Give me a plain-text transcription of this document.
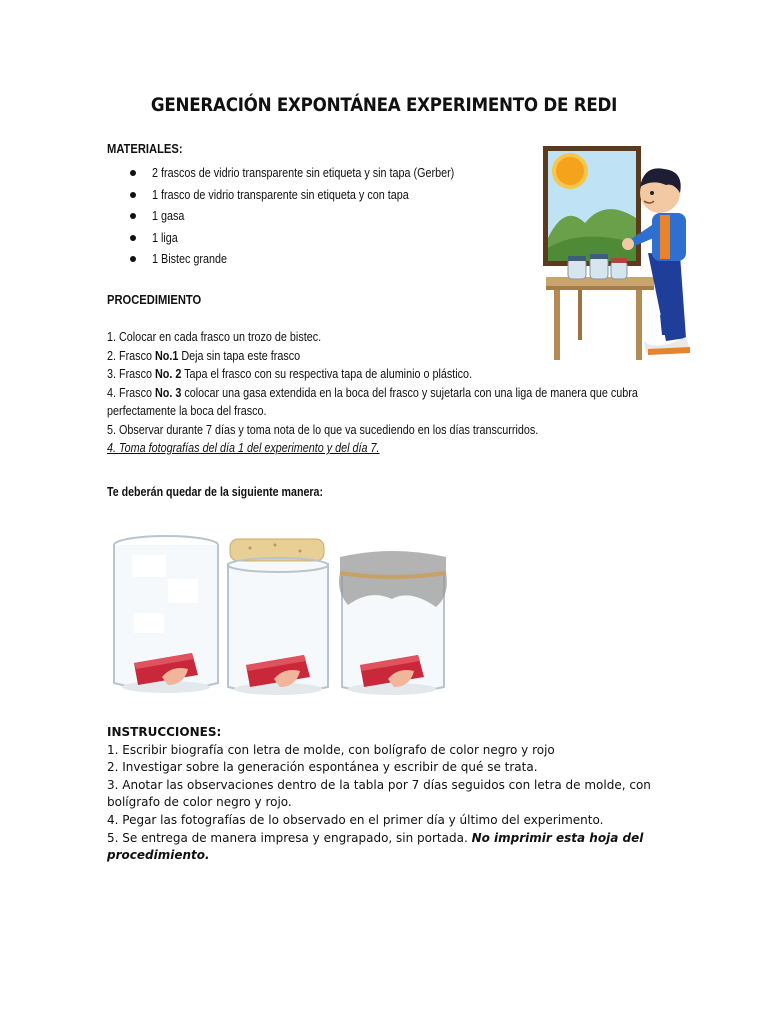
GENERACIÓN EXPONTÁNEA EXPERIMENTO DE REDI
MATERIALES:
2 frascos de vidrio transparente sin etiqueta y sin tapa (Gerber)
1 frasco de vidrio transparente sin etiqueta y con tapa
1 gasa
1 liga
1 Bistec grande
PROCEDIMIENTO
1. Colocar en cada frasco un trozo de bistec.
2. Frasco No.1 Deja sin tapa este frasco
3. Frasco No. 2 Tapa el frasco con su respectiva tapa de aluminio o plástico.
4. Frasco No. 3 colocar una gasa extendida en la boca del frasco y sujetarla con una liga de manera que cubra
perfectamente la boca del frasco.
5. Observar durante 7 días y toma nota de lo que va sucediendo en los días transcurridos.
4. Toma fotografías del día 1 del experimento y del día 7.
Te deberán quedar de la siguiente manera:
INSTRUCCIONES:
1. Escribir biografía con letra de molde, con bolígrafo de color negro y rojo
2. Investigar sobre la generación espontánea y escribir de qué se trata.
3. Anotar las observaciones dentro de la tabla por 7 días seguidos con letra de molde, con
bolígrafo de color negro y rojo.
4. Pegar las fotografías de lo observado en el primer día y último del experimento.
5. Se entrega de manera impresa y engrapado, sin portada. No imprimir esta hoja del
procedimiento.
